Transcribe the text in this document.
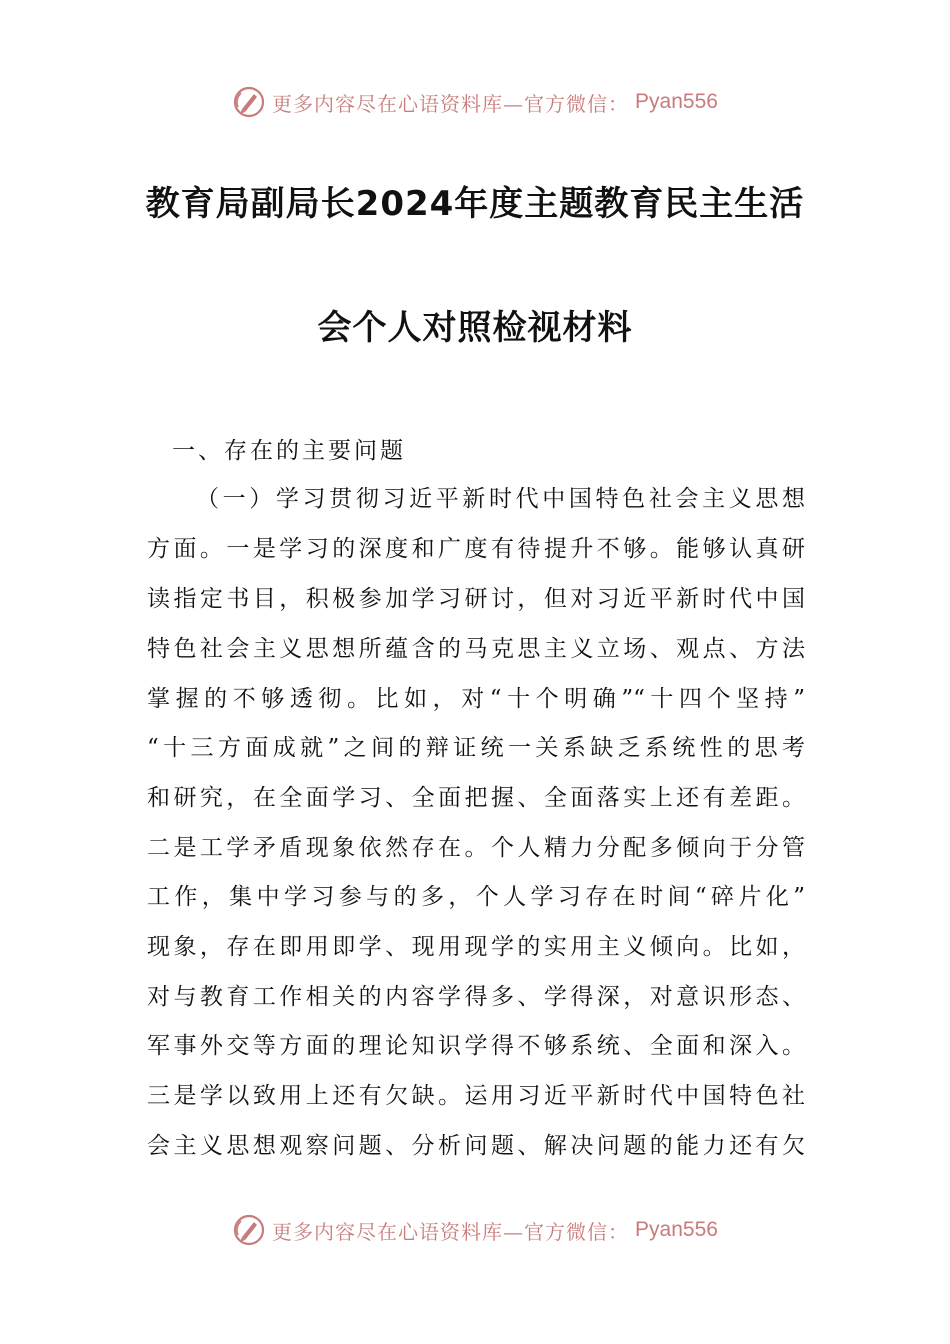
更多内容尽在心语资料库—官方微信： Pyan556
教育局副局长2024年度主题教育民主生活
会个人对照检视材料
一、存在的主要问题
（一）学习贯彻习近平新时代中国特色社会主义思想
方面。一是学习的深度和广度有待提升不够。能够认真研
读指定书目，积极参加学习研讨，但对习近平新时代中国
特色社会主义思想所蕴含的马克思主义立场、观点、方法
掌握的不够透彻。比如，对“十个明确”“十四个坚持”
“十三方面成就”之间的辩证统一关系缺乏系统性的思考
和研究，在全面学习、全面把握、全面落实上还有差距。
二是工学矛盾现象依然存在。个人精力分配多倾向于分管
工作，集中学习参与的多，个人学习存在时间“碎片化”
现象，存在即用即学、现用现学的实用主义倾向。比如，
对与教育工作相关的内容学得多、学得深，对意识形态、
军事外交等方面的理论知识学得不够系统、全面和深入。
三是学以致用上还有欠缺。运用习近平新时代中国特色社
会主义思想观察问题、分析问题、解决问题的能力还有欠
更多内容尽在心语资料库—官方微信： Pyan556
